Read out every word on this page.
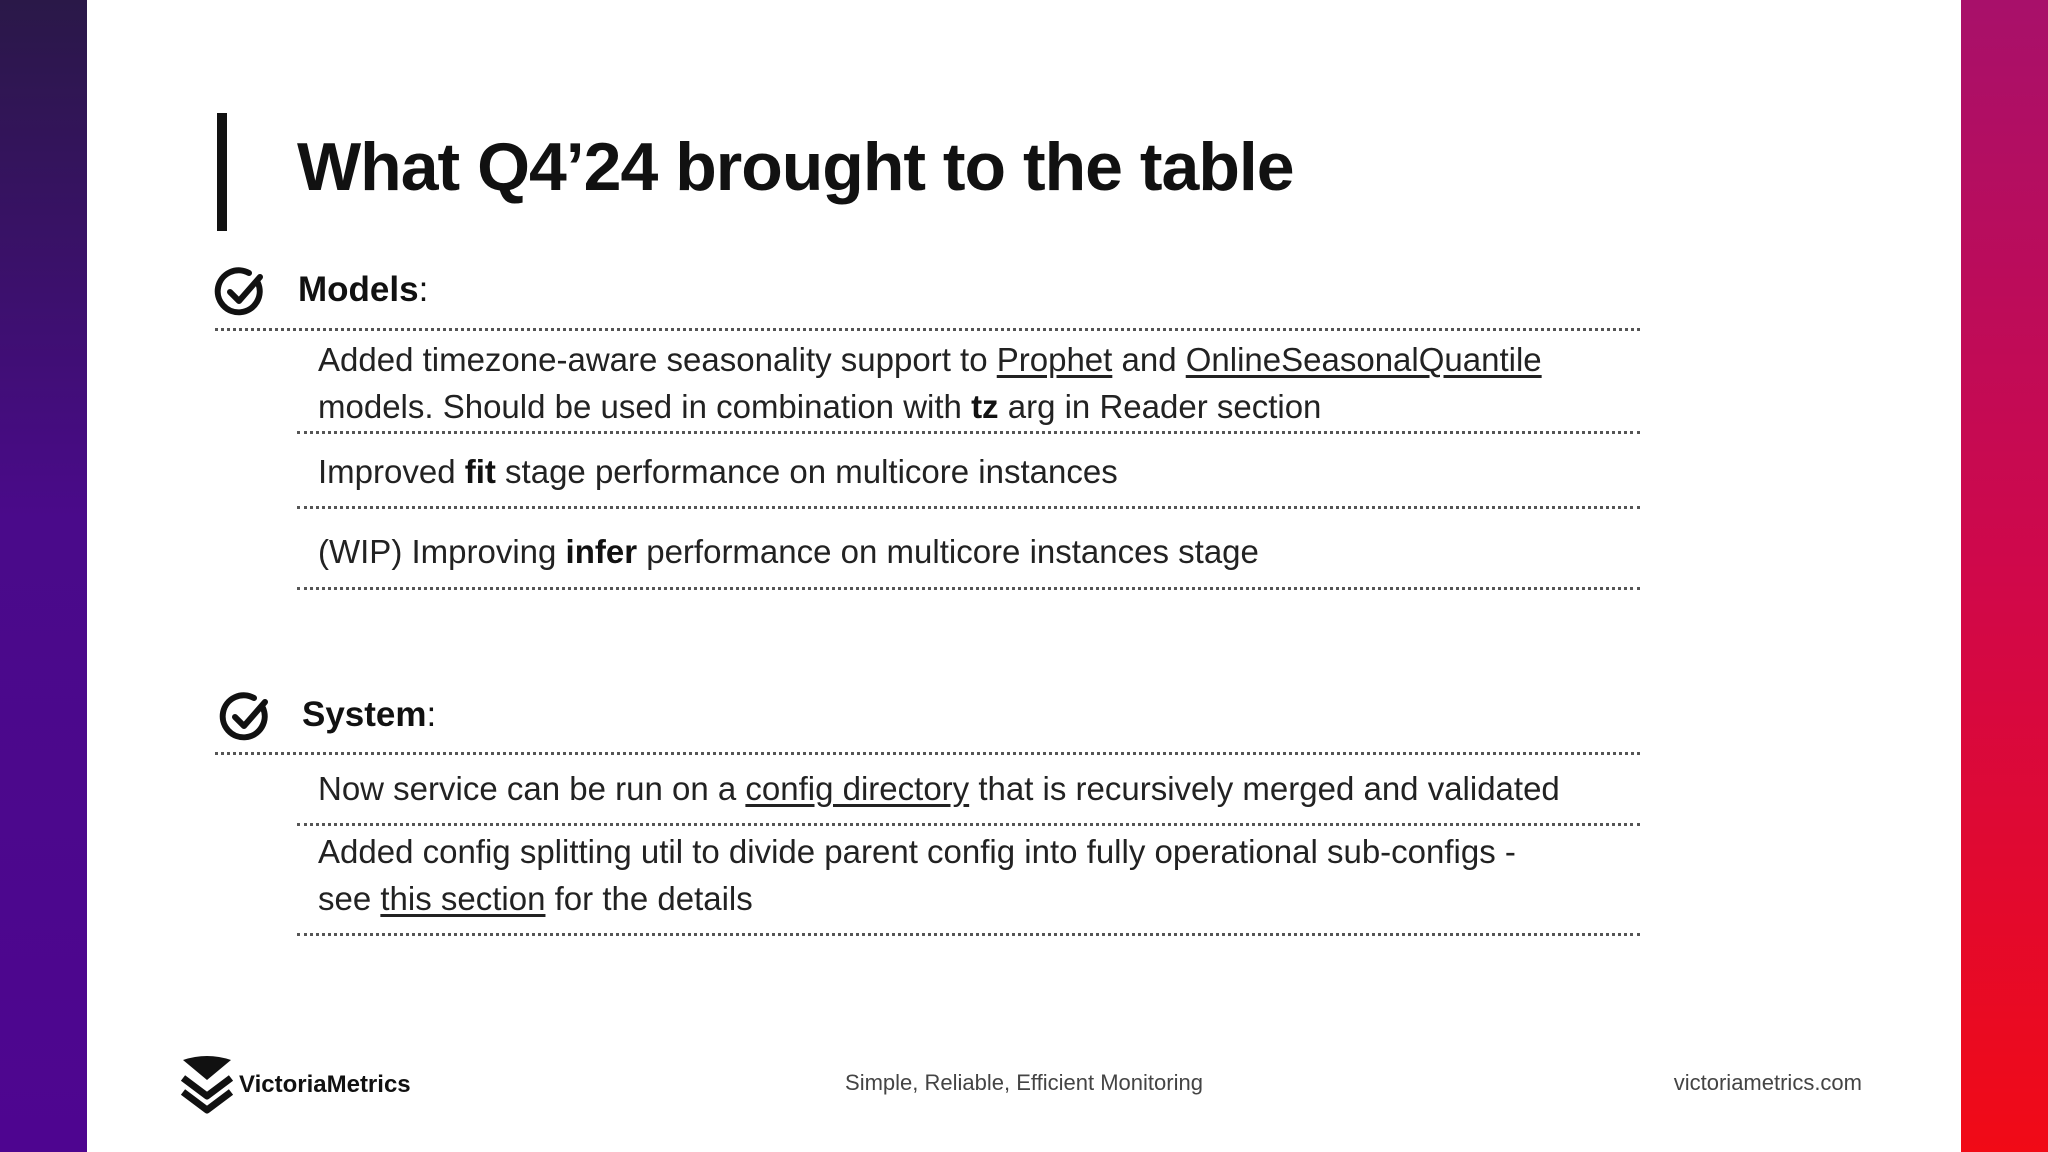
What Q4’24 brought to the table
Models:
Added timezone-aware seasonality support to Prophet and OnlineSeasonalQuantile
models. Should be used in combination with tz arg in Reader section
Improved fit stage performance on multicore instances
(WIP) Improving infer performance on multicore instances stage
System:
Now service can be run on a config directory that is recursively merged and validated
Added config splitting util to divide parent config into fully operational sub-configs -
see this section for the details
VictoriaMetrics	Simple, Reliable, Efficient Monitoring	victoriametrics.com
